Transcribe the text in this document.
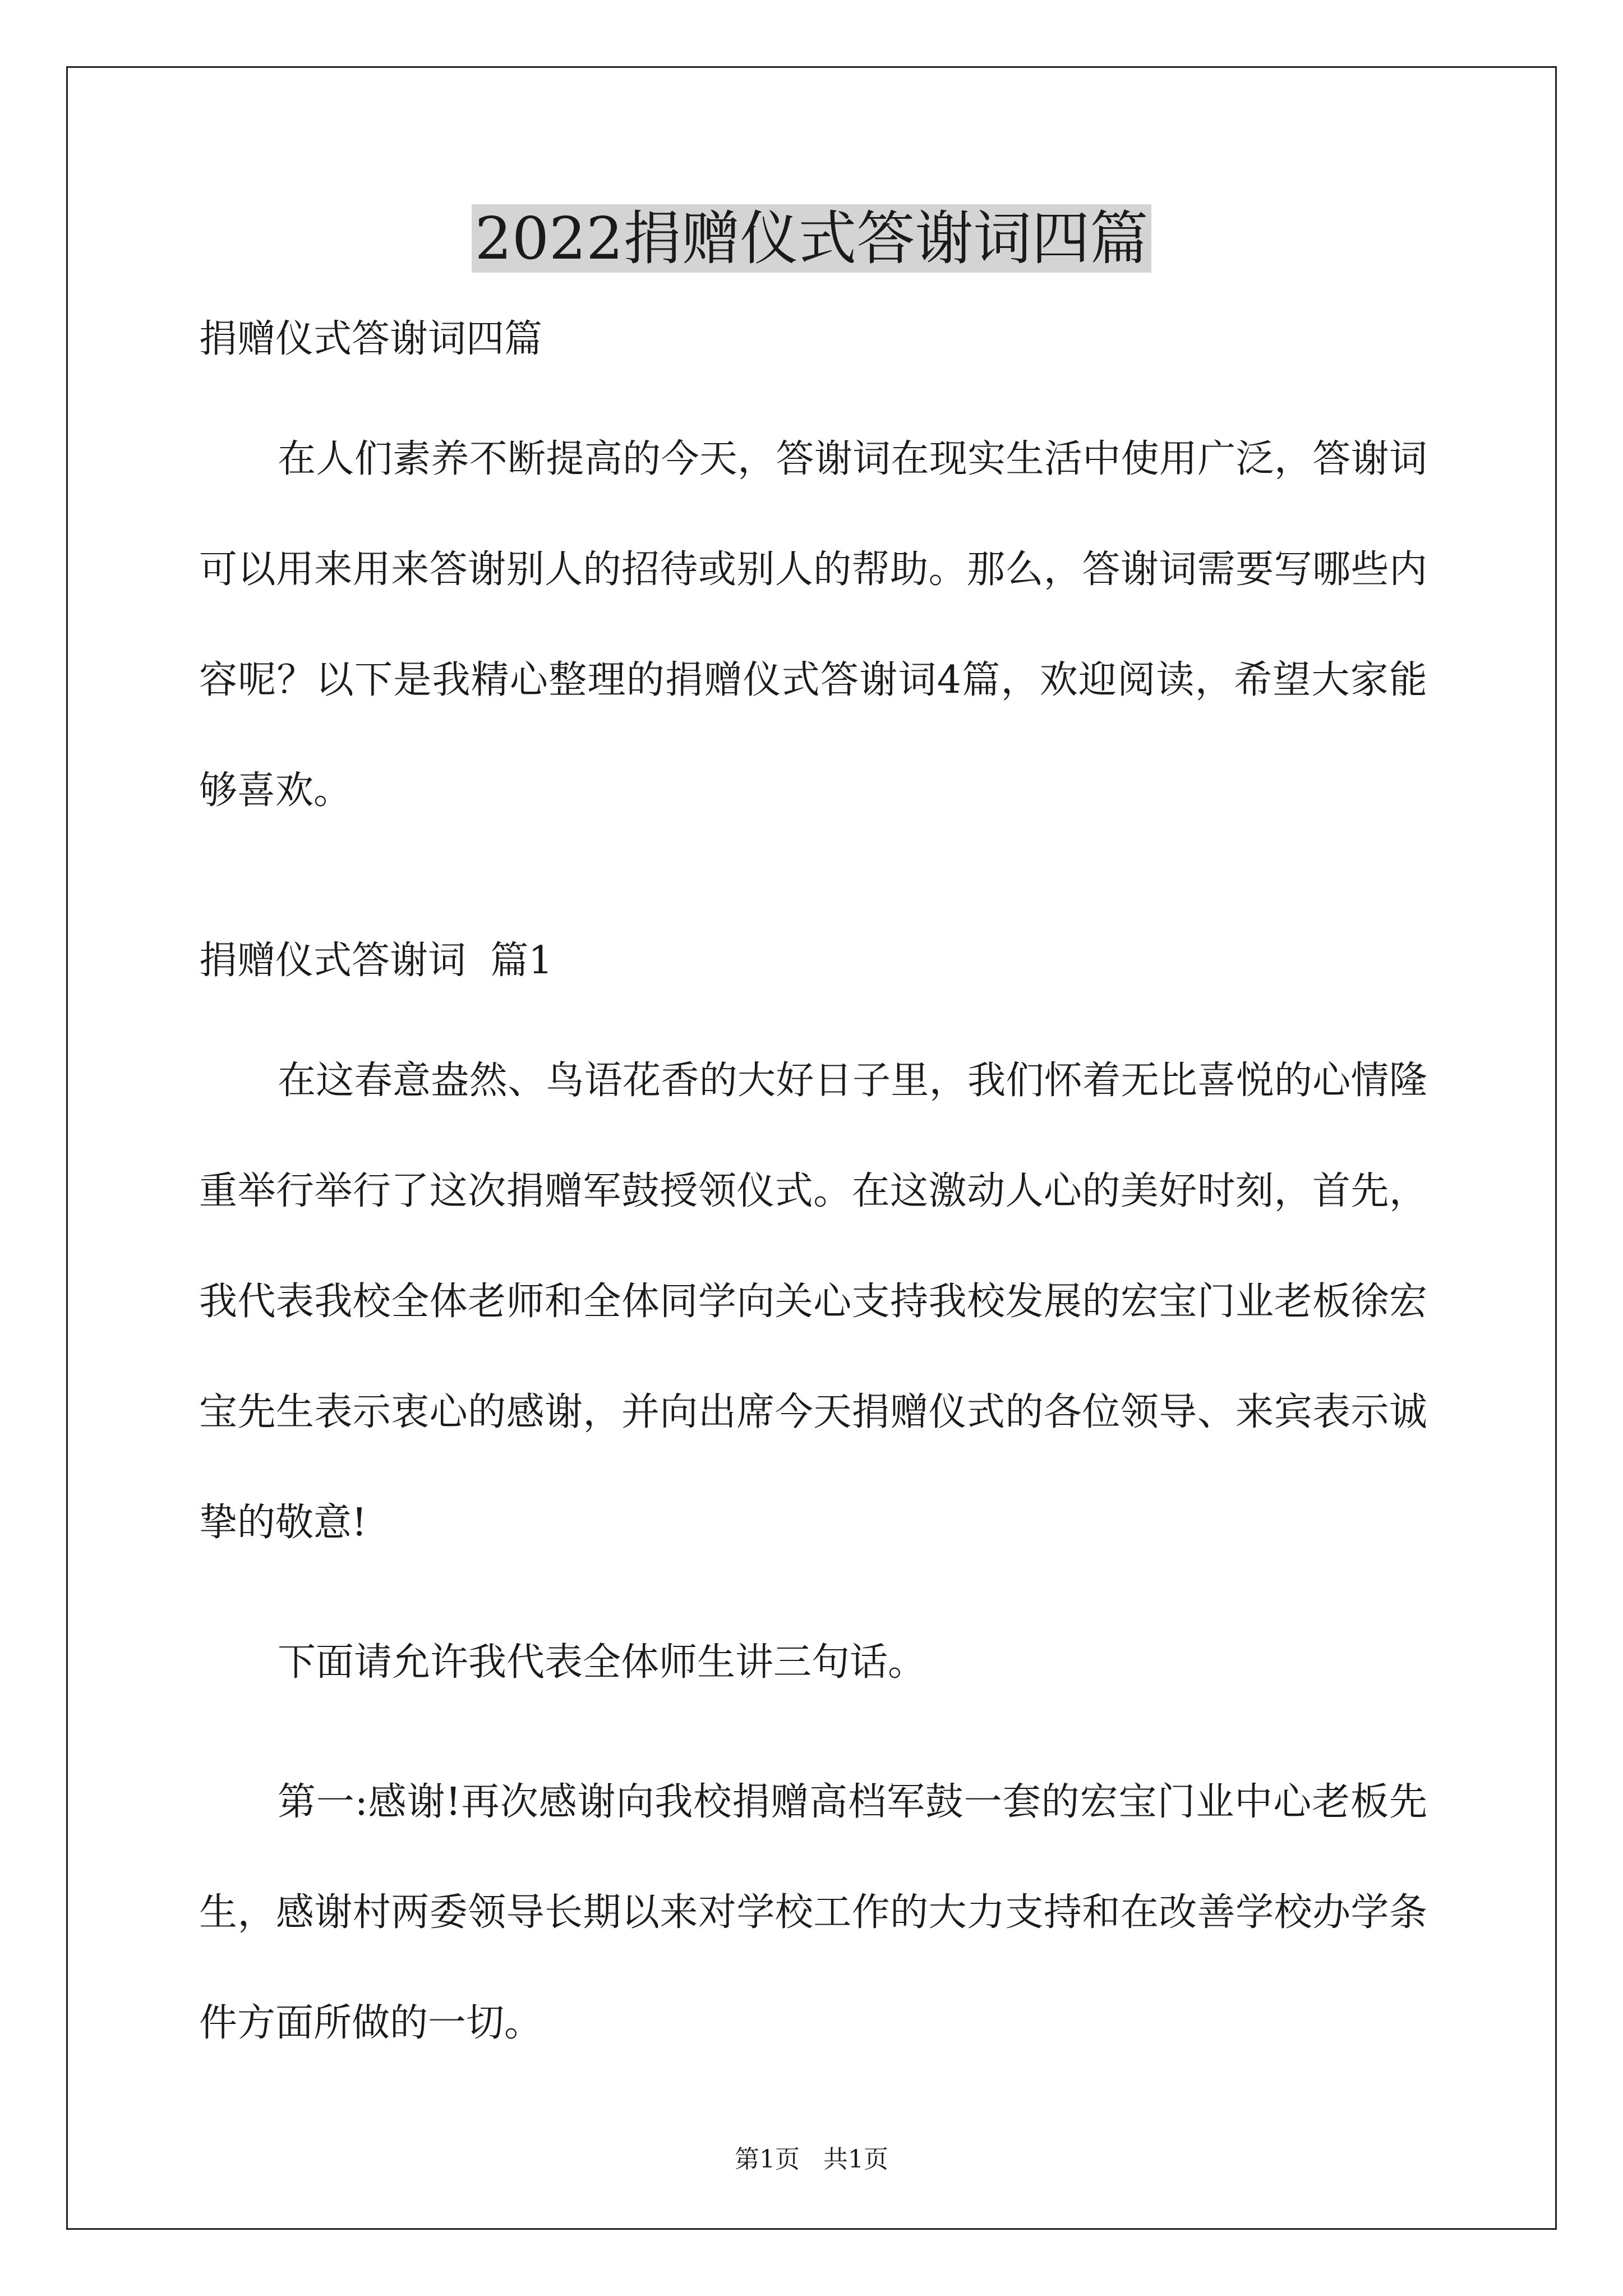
2022捐赠仪式答谢词四篇

捐赠仪式答谢词四篇

在人们素养不断提高的今天，答谢词在现实生活中使用广泛，答谢词可以用来用来答谢别人的招待或别人的帮助。那么，答谢词需要写哪些内容呢？以下是我精心整理的捐赠仪式答谢词4篇，欢迎阅读，希望大家能够喜欢。

捐赠仪式答谢词  篇1

在这春意盎然、鸟语花香的大好日子里，我们怀着无比喜悦的心情隆重举行举行了这次捐赠军鼓授领仪式。在这激动人心的美好时刻，首先，我代表我校全体老师和全体同学向关心支持我校发展的宏宝门业老板徐宏宝先生表示衷心的感谢，并向出席今天捐赠仪式的各位领导、来宾表示诚挚的敬意!

下面请允许我代表全体师生讲三句话。

第一:感谢!再次感谢向我校捐赠高档军鼓一套的宏宝门业中心老板先生，感谢村两委领导长期以来对学校工作的大力支持和在改善学校办学条件方面所做的一切。

第1页   共1页
